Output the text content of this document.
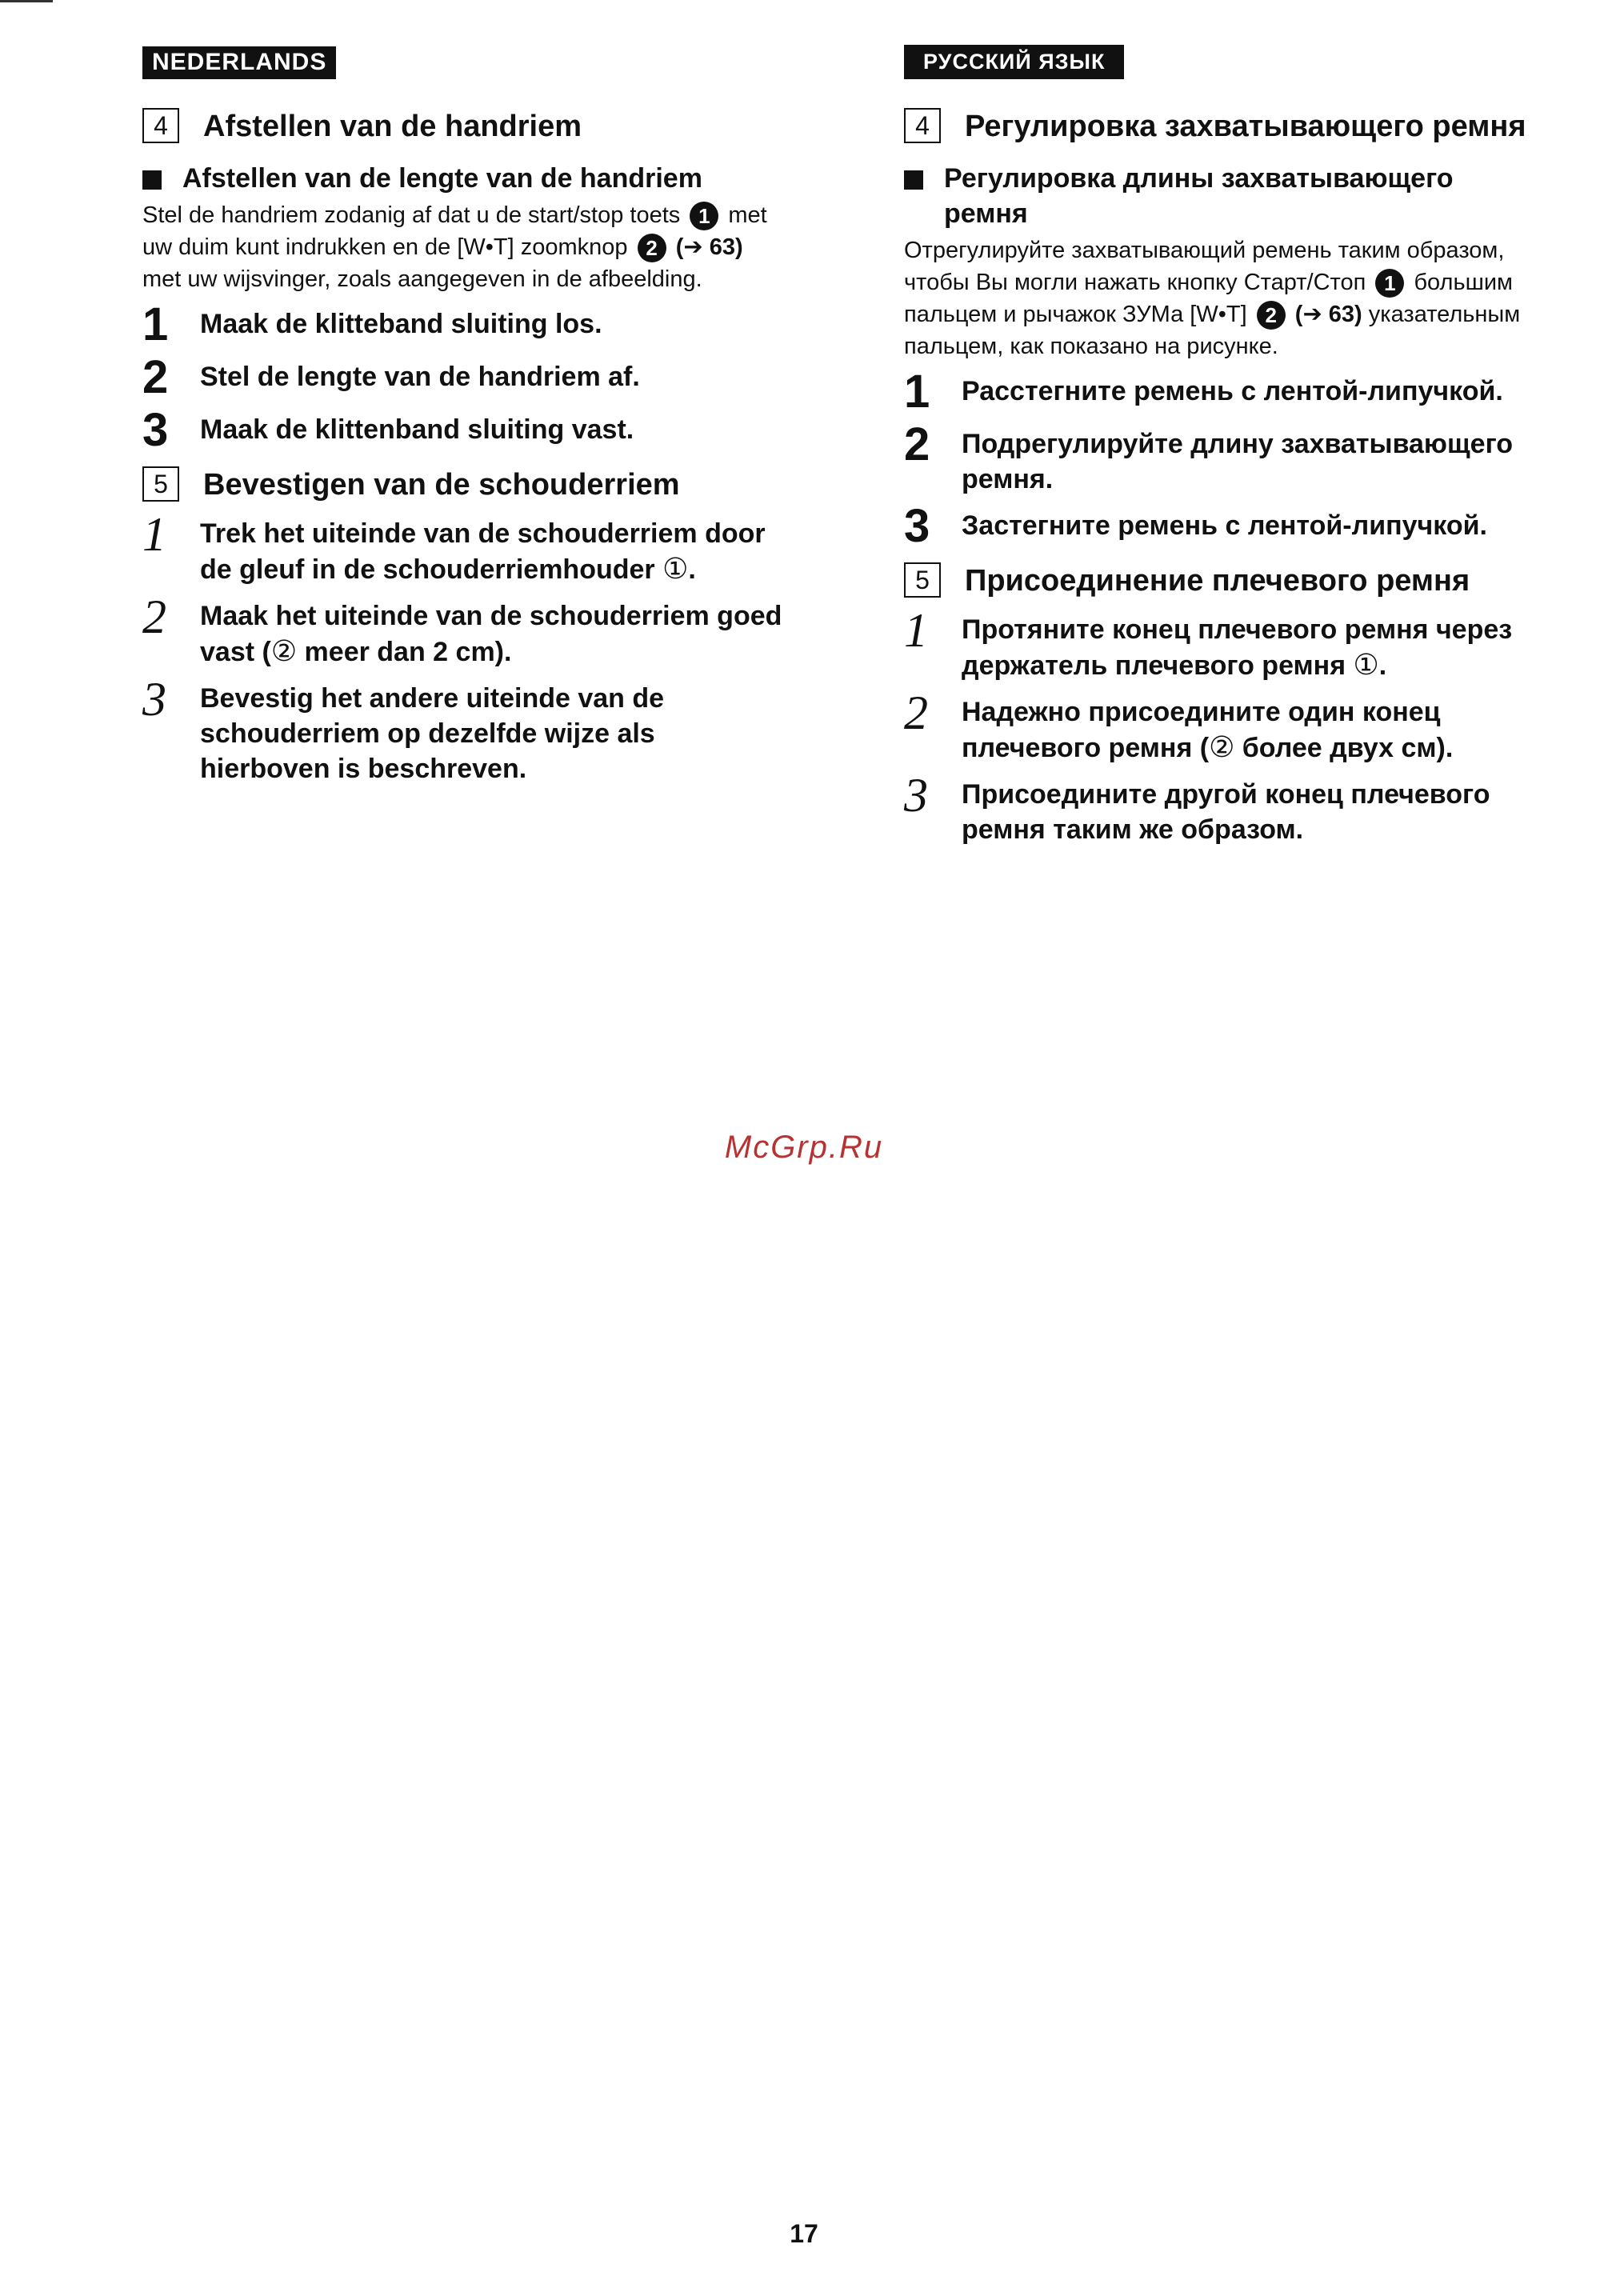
NEDERLANDS
4	Afstellen van de handriem
Afstellen van de lengte van de handriem
Stel de handriem zodanig af dat u de start/stop toets 1 met uw duim kunt indrukken en de [W•T] zoomknop 2 (➔ 63) met uw wijsvinger, zoals aangegeven in de afbeelding.
1	Maak de klitteband sluiting los.
2	Stel de lengte van de handriem af.
3	Maak de klittenband sluiting vast.
5	Bevestigen van de schouderriem
1	Trek het uiteinde van de schouderriem door de gleuf in de schouderriemhouder ①.
2	Maak het uiteinde van de schouderriem goed vast (② meer dan 2 cm).
3	Bevestig het andere uiteinde van de schouderriem op dezelfde wijze als hierboven is beschreven.
РУССКИЙ ЯЗЫК
4	Регулировка захватывающего ремня
Регулировка длины захватывающего ремня
Отрегулируйте захватывающий ремень таким образом, чтобы Вы могли нажать кнопку Старт/Стоп 1 большим пальцем и рычажок ЗУМа [W•T] 2 (➔ 63) указательным пальцем, как показано на рисунке.
1	Расстегните ремень с лентой-липучкой.
2	Подрегулируйте длину захватывающего ремня.
3	Застегните ремень с лентой-липучкой.
5	Присоединение плечевого ремня
1	Протяните конец плечевого ремня через держатель плечевого ремня ①.
2	Надежно присоедините один конец плечевого ремня (② более двух см).
3	Присоедините другой конец плечевого ремня таким же образом.
McGrp.Ru
17
